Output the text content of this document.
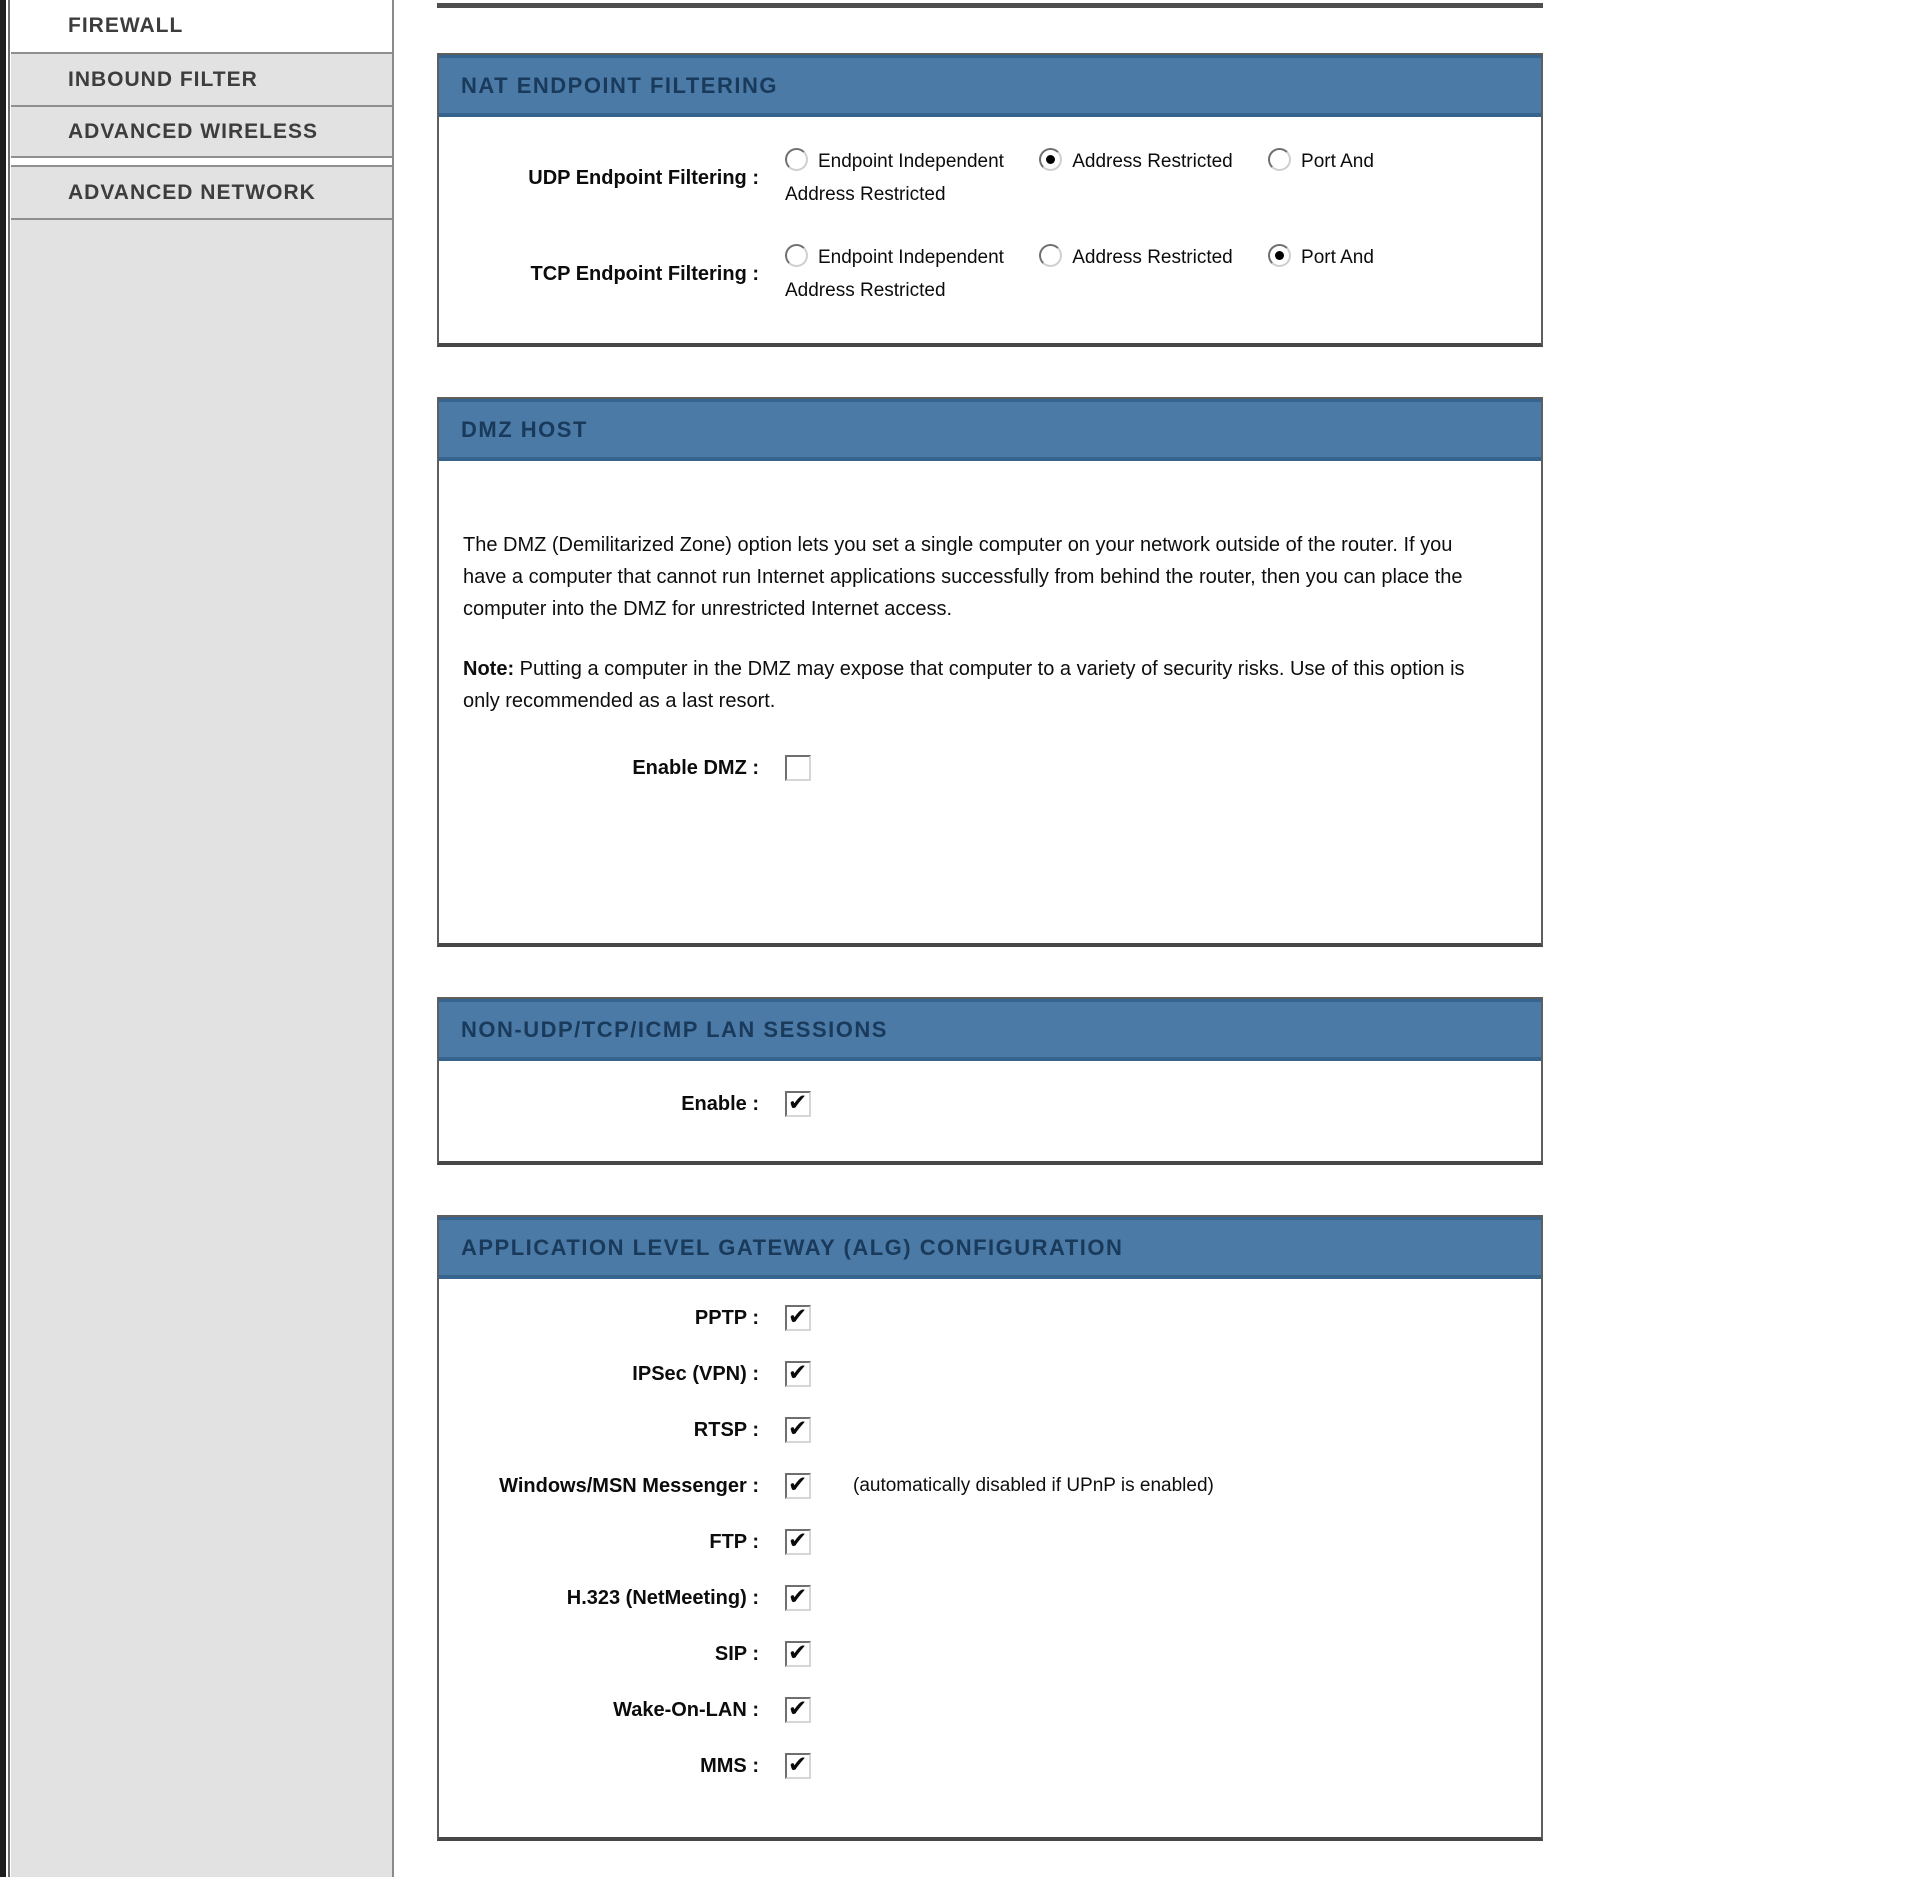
FIREWALL
INBOUND FILTER
ADVANCED WIRELESS
ADVANCED NETWORK
NAT ENDPOINT FILTERING
UDP Endpoint Filtering :
Endpoint Independent	Address Restricted	Port And Address Restricted
TCP Endpoint Filtering :
Endpoint Independent	Address Restricted	Port And Address Restricted
DMZ HOST

The DMZ (Demilitarized Zone) option lets you set a single computer on your network outside of the router. If you have a computer that cannot run Internet applications successfully from behind the router, then you can place the computer into the DMZ for unrestricted Internet access.

Note: Putting a computer in the DMZ may expose that computer to a variety of security risks. Use of this option is only recommended as a last resort.

Enable DMZ :
NON-UDP/TCP/ICMP LAN SESSIONS
Enable :
✔
APPLICATION LEVEL GATEWAY (ALG) CONFIGURATION
PPTP :
✔
IPSec (VPN) :
✔
RTSP :
✔
Windows/MSN Messenger : ✔	(automatically disabled if UPnP is enabled)
FTP :
✔
H.323 (NetMeeting) :
✔
SIP :
✔
Wake-On-LAN :
✔
MMS :
✔
